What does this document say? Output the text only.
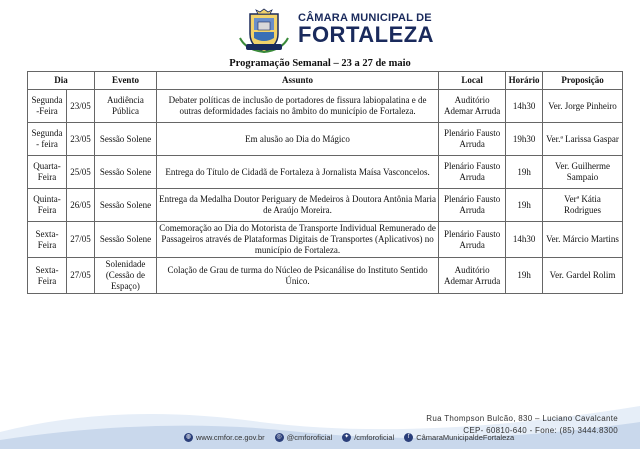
CÂMARA MUNICIPAL DE
FORTALEZA
Programação Semanal – 23 a 27 de maio
Dia		Evento	Assunto	Local	Horário	Proposição
Segunda -Feira	23/05	Audiência Pública	Debater políticas de inclusão de portadores de fissura labiopalatina e de outras deformidades faciais no âmbito do município de Fortaleza.	Auditório Ademar Arruda	14h30	Ver. Jorge Pinheiro
Segunda - feira	23/05	Sessão Solene	Em alusão ao Dia do Mágico	Plenário Fausto Arruda	19h30	Ver.ª Larissa Gaspar
Quarta-Feira	25/05	Sessão Solene	Entrega do Título de Cidadã de Fortaleza à Jornalista Maísa Vasconcelos.	Plenário Fausto Arruda	19h	Ver. Guilherme Sampaio
Quinta-Feira	26/05	Sessão Solene	Entrega da Medalha Doutor Periguary de Medeiros à Doutora Antônia Maria de Araújo Moreira.	Plenário Fausto Arruda	19h	Verª Kátia Rodrigues
Sexta-Feira	27/05	Sessão Solene	Comemoração ao Dia do Motorista de Transporte Individual Remunerado de Passageiros através de Plataformas Digitais de Transportes (Aplicativos) no município de Fortaleza.	Plenário Fausto Arruda	14h30	Ver. Márcio Martins
Sexta-Feira	27/05	Solenidade (Cessão de Espaço)	Colação de Grau de turma do Núcleo de Psicanálise do Instituto Sentido Único.	Auditório Ademar Arruda	19h	Ver. Gardel Rolim
Rua Thompson Bulcão, 830 – Luciano Cavalcante
CEP- 60810-640 - Fone: (85) 3444.8300
◍ www.cmfor.ce.gov.br	◎ @cmforoficial	✦ /cmforoficial	f CâmaraMunicipaldeFortaleza
